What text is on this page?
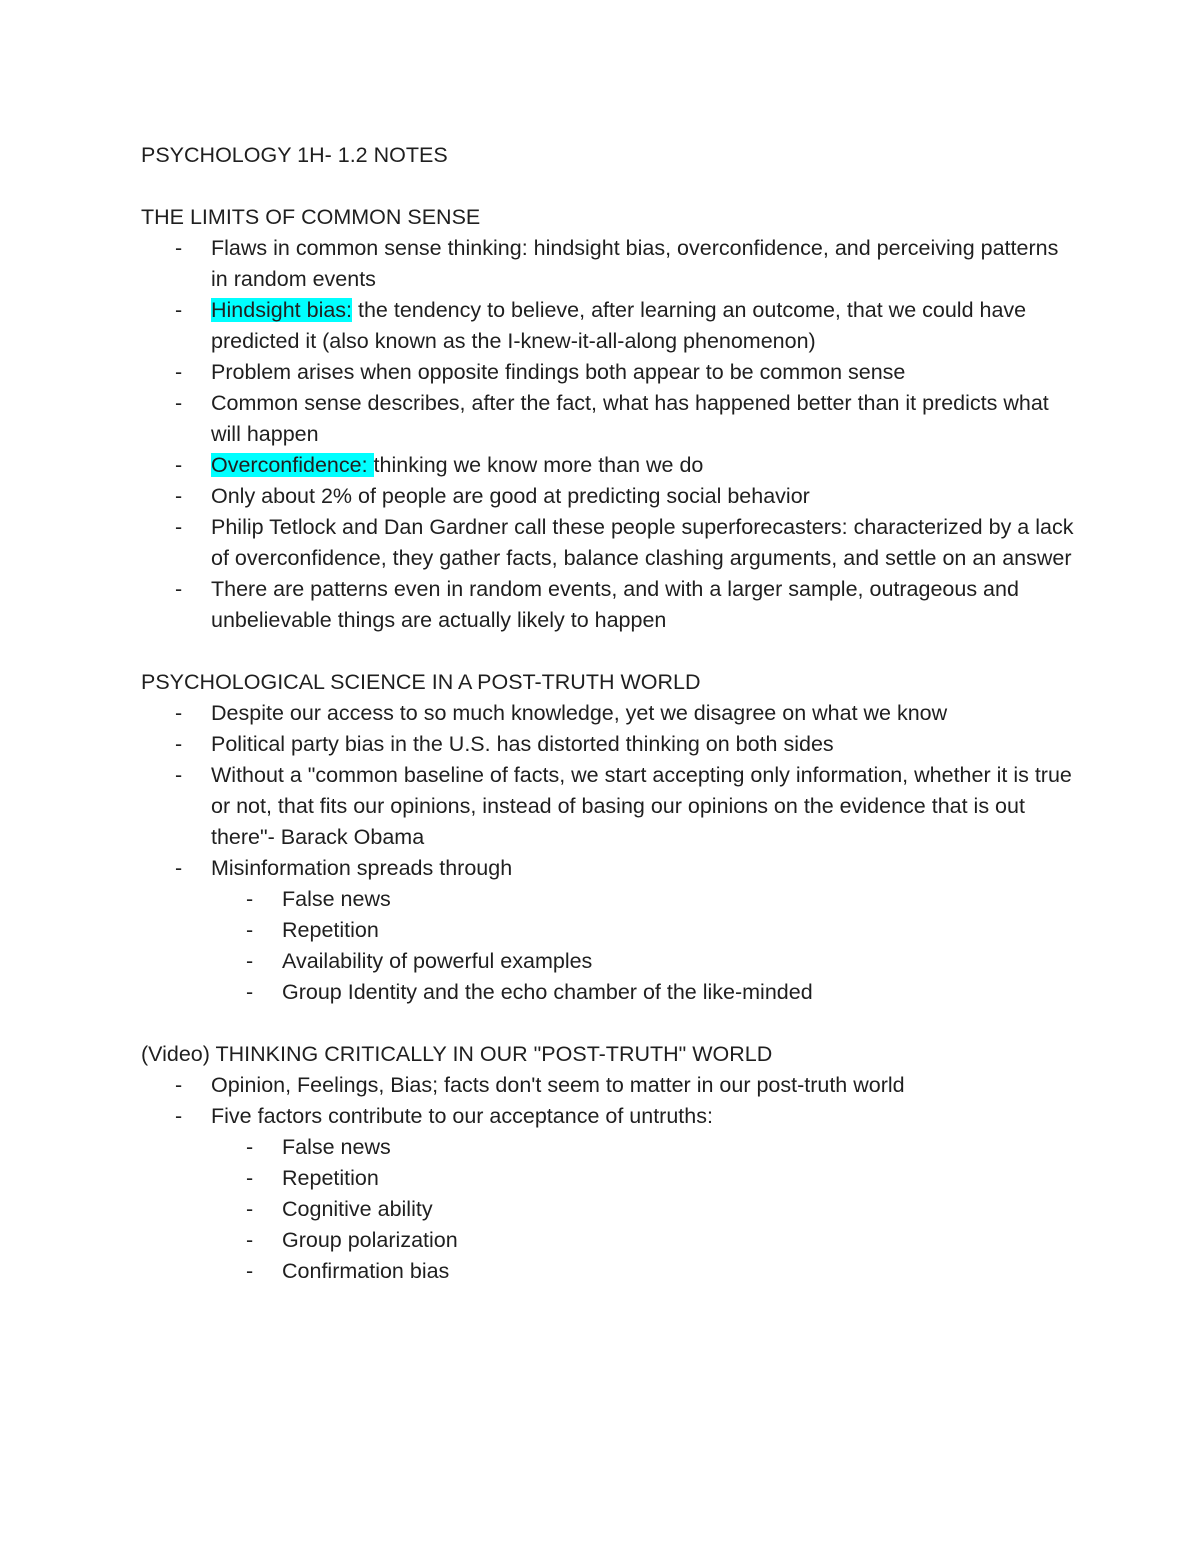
PSYCHOLOGY 1H- 1.2 NOTES

THE LIMITS OF COMMON SENSE

- Flaws in common sense thinking: hindsight bias, overconfidence, and perceiving patterns in random events
- Hindsight bias: the tendency to believe, after learning an outcome, that we could have predicted it (also known as the I-knew-it-all-along phenomenon)
- Problem arises when opposite findings both appear to be common sense
- Common sense describes, after the fact, what has happened better than it predicts what will happen
- Overconfidence: thinking we know more than we do
- Only about 2% of people are good at predicting social behavior
- Philip Tetlock and Dan Gardner call these people superforecasters: characterized by a lack of overconfidence, they gather facts, balance clashing arguments, and settle on an answer
- There are patterns even in random events, and with a larger sample, outrageous and unbelievable things are actually likely to happen

PSYCHOLOGICAL SCIENCE IN A POST-TRUTH WORLD

- Despite our access to so much knowledge, yet we disagree on what we know
- Political party bias in the U.S. has distorted thinking on both sides
- Without a "common baseline of facts, we start accepting only information, whether it is true or not, that fits our opinions, instead of basing our opinions on the evidence that is out there"- Barack Obama
- Misinformation spreads through
- False news
- Repetition
- Availability of powerful examples
- Group Identity and the echo chamber of the like-minded

(Video) THINKING CRITICALLY IN OUR "POST-TRUTH" WORLD

- Opinion, Feelings, Bias; facts don't seem to matter in our post-truth world
- Five factors contribute to our acceptance of untruths:
- False news
- Repetition
- Cognitive ability
- Group polarization
- Confirmation bias
